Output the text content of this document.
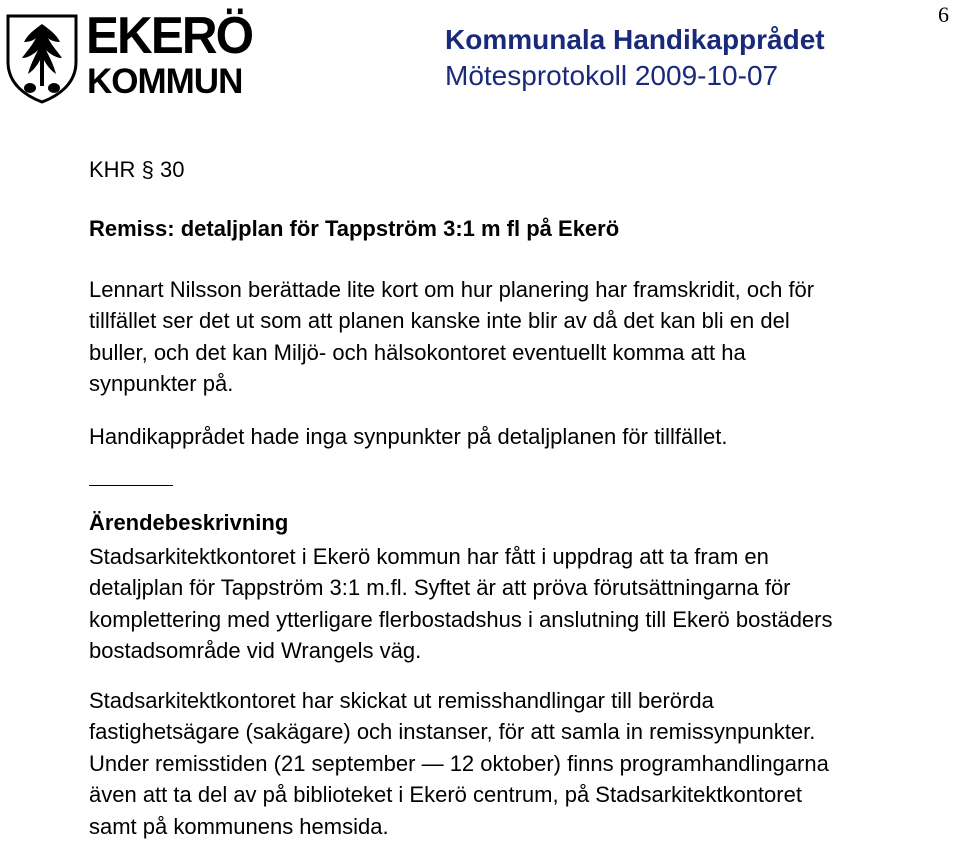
EKERÖ
KOMMUN
Kommunala Handikapprådet
Mötesprotokoll 2009-10-07
6
KHR § 30
Remiss: detaljplan för Tappström 3:1 m fl på Ekerö
Lennart Nilsson berättade lite kort om hur planering har framskridit, och för
tillfället ser det ut som att planen kanske inte blir av då det kan bli en del
buller, och det kan Miljö- och hälsokontoret eventuellt komma att ha
synpunkter på.
Handikapprådet hade inga synpunkter på detaljplanen för tillfället.
Ärendebeskrivning
Stadsarkitektkontoret i Ekerö kommun har fått i uppdrag att ta fram en
detaljplan för Tappström 3:1 m.fl. Syftet är att pröva förutsättningarna för
komplettering med ytterligare flerbostadshus i anslutning till Ekerö bostäders
bostadsområde vid Wrangels väg.
Stadsarkitektkontoret har skickat ut remisshandlingar till berörda
fastighetsägare (sakägare) och instanser, för att samla in remissynpunkter.
Under remisstiden (21 september — 12 oktober) finns programhandlingarna
även att ta del av på biblioteket i Ekerö centrum, på Stadsarkitektkontoret
samt på kommunens hemsida.
